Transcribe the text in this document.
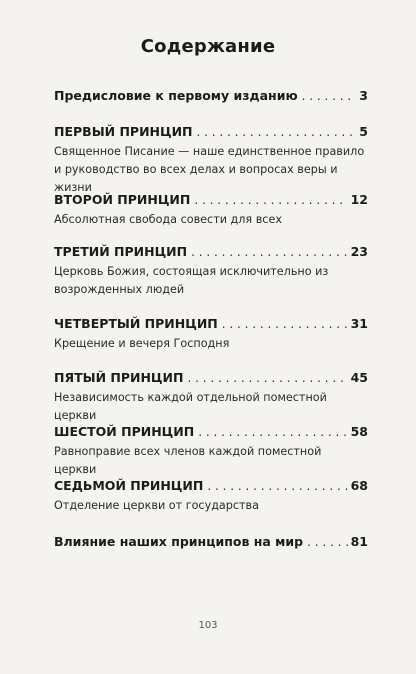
Содержание
Предисловие к первому изданию . . .	3
ПЕРВЫЙ ПРИНЦИП . . .	5
Священное Писание — наше единственное правило и руководство во всех делах и вопросах веры и жизни
ВТОРОЙ ПРИНЦИП . . .	12
Абсолютная свобода совести для всех
ТРЕТИЙ ПРИНЦИП . . .	23
Церковь Божия, состоящая исключительно из возрожденных людей
ЧЕТВЕРТЫЙ ПРИНЦИП . . .	31
Крещение и вечеря Господня
ПЯТЫЙ ПРИНЦИП . . .	45
Независимость каждой отдельной поместной церкви
ШЕСТОЙ ПРИНЦИП . . .	58
Равноправие всех членов каждой поместной церкви
СЕДЬМОЙ ПРИНЦИП . . .	68
Отделение церкви от государства
Влияние наших принципов на мир . . .	81
103
